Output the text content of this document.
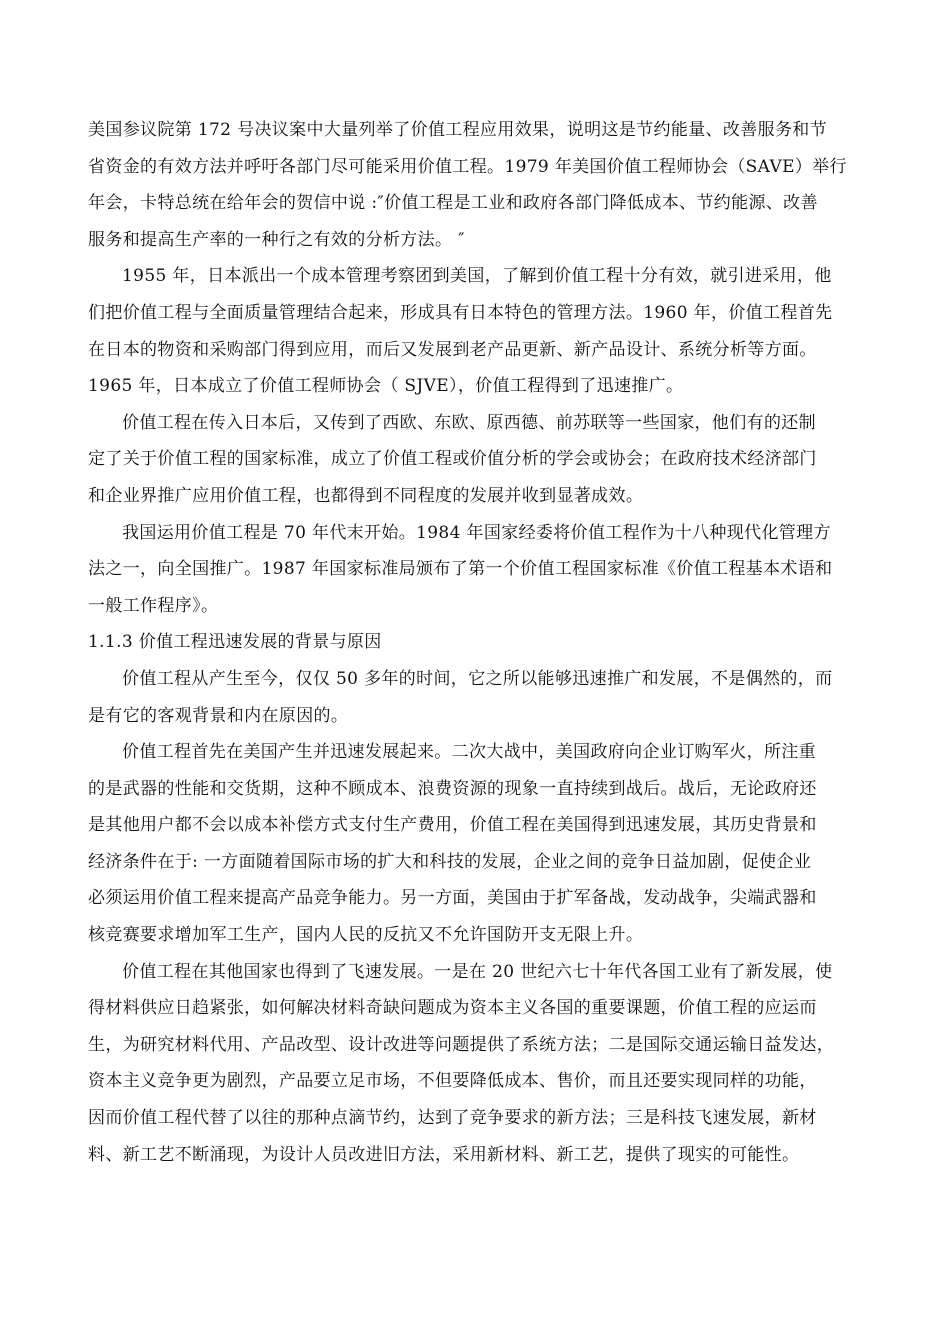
美国参议院第 172 号决议案中大量列举了价值工程应用效果，说明这是节约能量、改善服务和节

省资金的有效方法并呼吁各部门尽可能采用价值工程。1979 年美国价值工程师协会（SAVE）举行

年会，卡特总统在给年会的贺信中说 :″价值工程是工业和政府各部门降低成本、节约能源、改善

服务和提高生产率的一种行之有效的分析方法。 ″

1955 年，日本派出一个成本管理考察团到美国，了解到价值工程十分有效，就引进采用，他

们把价值工程与全面质量管理结合起来，形成具有日本特色的管理方法。1960 年，价值工程首先

在日本的物资和采购部门得到应用，而后又发展到老产品更新、新产品设计、系统分析等方面。

1965 年，日本成立了价值工程师协会（ SJVE），价值工程得到了迅速推广。

价值工程在传入日本后，又传到了西欧、东欧、原西德、前苏联等一些国家，他们有的还制

定了关于价值工程的国家标准，成立了价值工程或价值分析的学会或协会；在政府技术经济部门

和企业界推广应用价值工程，也都得到不同程度的发展并收到显著成效。

我国运用价值工程是 70 年代末开始。1984 年国家经委将价值工程作为十八种现代化管理方

法之一，向全国推广。1987 年国家标准局颁布了第一个价值工程国家标准《价值工程基本术语和

一般工作程序》。

1.1.3 价值工程迅速发展的背景与原因

价值工程从产生至今，仅仅 50 多年的时间，它之所以能够迅速推广和发展，不是偶然的，而

是有它的客观背景和内在原因的。

价值工程首先在美国产生并迅速发展起来。二次大战中，美国政府向企业订购军火，所注重

的是武器的性能和交货期，这种不顾成本、浪费资源的现象一直持续到战后。战后，无论政府还

是其他用户都不会以成本补偿方式支付生产费用，价值工程在美国得到迅速发展，其历史背景和

经济条件在于: 一方面随着国际市场的扩大和科技的发展，企业之间的竞争日益加剧，促使企业

必须运用价值工程来提高产品竞争能力。另一方面，美国由于扩军备战，发动战争，尖端武器和

核竞赛要求增加军工生产，国内人民的反抗又不允许国防开支无限上升。

价值工程在其他国家也得到了飞速发展。一是在 20 世纪六七十年代各国工业有了新发展，使

得材料供应日趋紧张，如何解决材料奇缺问题成为资本主义各国的重要课题，价值工程的应运而

生，为研究材料代用、产品改型、设计改进等问题提供了系统方法；二是国际交通运输日益发达，

资本主义竞争更为剧烈，产品要立足市场，不但要降低成本、售价，而且还要实现同样的功能，

因而价值工程代替了以往的那种点滴节约，达到了竞争要求的新方法；三是科技飞速发展，新材

料、新工艺不断涌现，为设计人员改进旧方法，采用新材料、新工艺，提供了现实的可能性。
